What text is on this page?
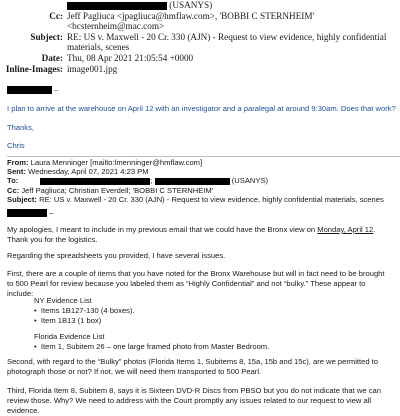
(USANYS)
Cc: Jeff Pagliuca <jpagliuca@hmflaw.com>, 'BOBBI C STERNHEIM'
<bcsternheim@mac.com>
Subject: RE: US v. Maxwell - 20 Cr. 330 (AJN) - Request to view evidence, highly confidential
materials, scenes
Date: Thu, 08 Apr 2021 21:05:54 +0000
Inline-Images: image001.jpg
–
I plan to arrive at the warehouse on April 12 with an investigator and a paralegal at around 9:30am. Does that work?
Thanks,
Chris
From: Laura Menninger [mailto:lmenninger@hmflaw.com]
Sent: Wednesday, April 07, 2021 4:23 PM
To:	;	(USANYS)
Cc: Jeff Pagliuca; Christian Everdell; 'BOBBI C STERNHEIM'
Subject: RE: US v. Maxwell - 20 Cr. 330 (AJN) - Request to view evidence, highly confidential materials, scenes
–
My apologies, I meant to include in my previous email that we could have the Bronx view on Monday, April 12. Thank you for the logistics.
Regarding the spreadsheets you provided, I have several issues.
First, there are a couple of items that you have noted for the Bronx Warehouse but will in fact need to be brought to 500 Pearl for review because you labeled them as “Highly Confidential” and not “bulky.” These appear to include:
NY Evidence List
•  Items 1B127-130 (4 boxes).
•  Item 1B13 (1 box)
Florida Evidence List
•  Item 1, Subitem 26 – one large framed photo from Master Bedroom.
Second, with regard to the “Bulky” photos (Florida Items 1, Subitems 8, 15a, 15b and 15c), are we permitted to photograph those or not? If not, we will need them transported to 500 Pearl.
Third, Florida Item 8, Subitem 8, says it is Sixteen DVD-R Discs from PBSO but you do not indicate that we can review those. Why? We need to address with the Court promptly any issues related to our request to view all evidence.
